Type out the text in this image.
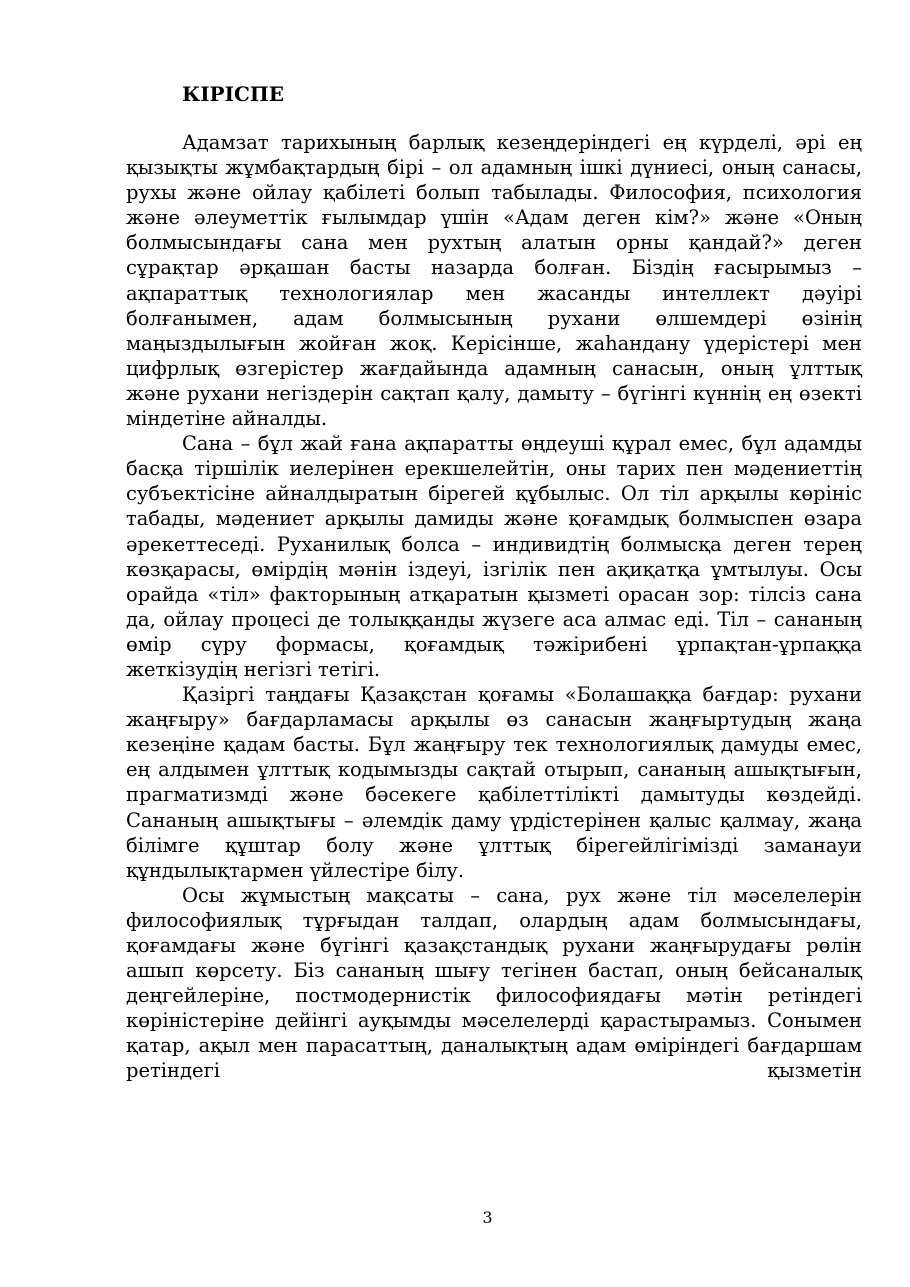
КІРІСПЕ

Адамзат тарихының барлық кезеңдеріндегі ең күрделі, әрі ең қызықты жұмбақтардың бірі – ол адамның ішкі дүниесі, оның санасы, рухы және ойлау қабілеті болып табылады. Философия, психология және әлеуметтік ғылымдар үшін «Адам деген кім?» және «Оның болмысындағы сана мен рухтың алатын орны қандай?» деген сұрақтар әрқашан басты назарда болған. Біздің ғасырымыз – ақпараттық технологиялар мен жасанды интеллект дәуірі болғанымен, адам болмысының рухани өлшемдері өзінің маңыздылығын жойған жоқ. Керісінше, жаһандану үдерістері мен цифрлық өзгерістер жағдайында адамның санасын, оның ұлттық және рухани негіздерін сақтап қалу, дамыту – бүгінгі күннің ең өзекті міндетіне айналды.

Сана – бұл жай ғана ақпаратты өңдеуші құрал емес, бұл адамды басқа тіршілік иелерінен ерекшелейтін, оны тарих пен мәдениеттің субъектісіне айналдыратын бірегей құбылыс. Ол тіл арқылы көрініс табады, мәдениет арқылы дамиды және қоғамдық болмыспен өзара әрекеттеседі. Руханилық болса – индивидтің болмысқа деген терең көзқарасы, өмірдің мәнін іздеуі, ізгілік пен ақиқатқа ұмтылуы. Осы орайда «тіл» факторының атқаратын қызметі орасан зор: тілсіз сана да, ойлау процесі де толыққанды жүзеге аса алмас еді. Тіл – сананың өмір сүру формасы, қоғамдық тәжірибені ұрпақтан-ұрпаққа жеткізудің негізгі тетігі.

Қазіргі таңдағы Қазақстан қоғамы «Болашаққа бағдар: рухани жаңғыру» бағдарламасы арқылы өз санасын жаңғыртудың жаңа кезеңіне қадам басты. Бұл жаңғыру тек технологиялық дамуды емес, ең алдымен ұлттық кодымызды сақтай отырып, сананың ашықтығын, прагматизмді және бәсекеге қабілеттілікті дамытуды көздейді. Сананың ашықтығы – әлемдік даму үрдістерінен қалыс қалмау, жаңа білімге құштар болу және ұлттық бірегейлігімізді заманауи құндылықтармен үйлестіре білу.

Осы жұмыстың мақсаты – сана, рух және тіл мәселелерін философиялық тұрғыдан талдап, олардың адам болмысындағы, қоғамдағы және бүгінгі қазақстандық рухани жаңғырудағы рөлін ашып көрсету. Біз сананың шығу тегінен бастап, оның бейсаналық деңгейлеріне, постмодернистік философиядағы мәтін ретіндегі көріністеріне дейінгі ауқымды мәселелерді қарастырамыз. Сонымен қатар, ақыл мен парасаттың, даналықтың адам өміріндегі бағдаршам ретіндегі қызметін

3
